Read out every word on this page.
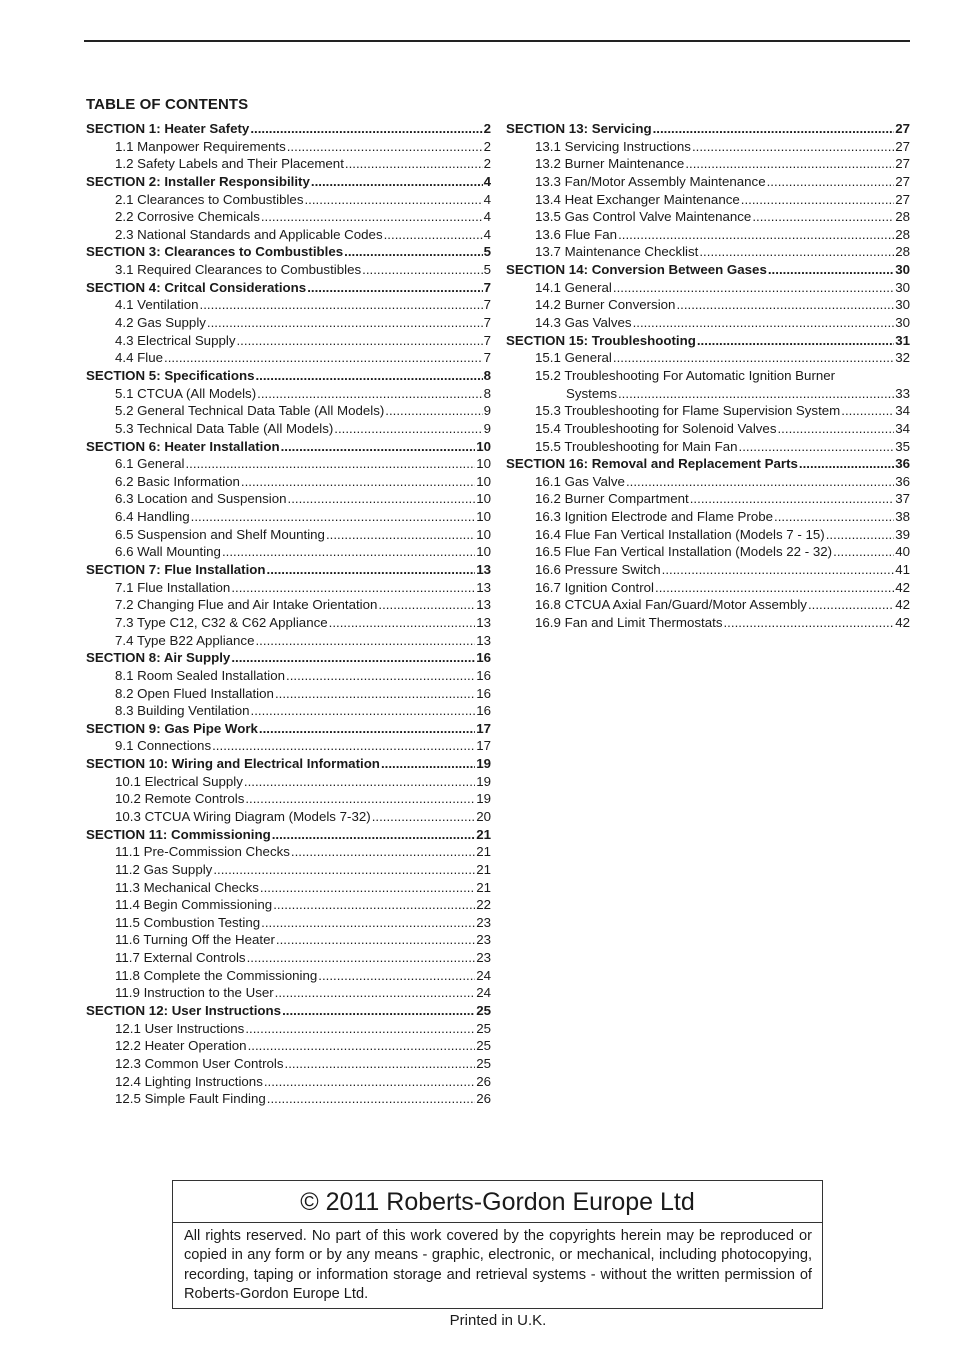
TABLE OF CONTENTS
SECTION 1: Heater Safety .....	2
1.1 Manpower Requirements .....	2
1.2 Safety Labels and Their Placement .....	2
SECTION 2: Installer Responsibility .....	4
2.1 Clearances to Combustibles .....	4
2.2 Corrosive Chemicals .....	4
2.3 National Standards and Applicable Codes .....	4
SECTION 3: Clearances to Combustibles .....	5
3.1 Required Clearances to Combustibles .....	5
SECTION 4: Critcal Considerations .....	7
4.1 Ventilation .....	7
4.2 Gas Supply .....	7
4.3 Electrical Supply .....	7
4.4 Flue .....	7
SECTION 5: Specifications .....	8
5.1 CTCUA (All Models) .....	8
5.2 General Technical Data Table (All Models) .....	9
5.3 Technical Data Table (All Models) .....	9
SECTION 6: Heater Installation .....	10
6.1 General .....	10
6.2 Basic Information .....	10
6.3 Location and Suspension .....	10
6.4 Handling .....	10
6.5 Suspension and Shelf Mounting .....	10
6.6 Wall Mounting .....	10
SECTION 7: Flue Installation .....	13
7.1 Flue Installation .....	13
7.2 Changing Flue and Air Intake Orientation .....	13
7.3 Type C12, C32 & C62 Appliance .....	13
7.4 Type B22 Appliance .....	13
SECTION 8: Air Supply .....	16
8.1 Room Sealed Installation .....	16
8.2 Open Flued Installation .....	16
8.3 Building Ventilation .....	16
SECTION 9: Gas Pipe Work .....	17
9.1 Connections .....	17
SECTION 10: Wiring and Electrical Information .....	19
10.1 Electrical Supply .....	19
10.2 Remote Controls .....	19
10.3 CTCUA Wiring Diagram (Models 7-32) .....	20
SECTION 11: Commissioning .....	21
11.1 Pre-Commission Checks .....	21
11.2 Gas Supply .....	21
11.3 Mechanical Checks .....	21
11.4 Begin Commissioning .....	22
11.5 Combustion Testing .....	23
11.6 Turning Off the Heater .....	23
11.7 External Controls .....	23
11.8 Complete the Commissioning .....	24
11.9 Instruction to the User .....	24
SECTION 12: User Instructions .....	25
12.1 User Instructions .....	25
12.2 Heater Operation .....	25
12.3 Common User Controls .....	25
12.4 Lighting Instructions .....	26
12.5 Simple Fault Finding .....	26
SECTION 13: Servicing .....	27
13.1 Servicing Instructions .....	27
13.2 Burner Maintenance .....	27
13.3 Fan/Motor Assembly Maintenance .....	27
13.4 Heat Exchanger Maintenance .....	27
13.5 Gas Control Valve Maintenance .....	28
13.6 Flue Fan .....	28
13.7 Maintenance Checklist .....	28
SECTION 14: Conversion Between Gases .....	30
14.1 General .....	30
14.2 Burner Conversion .....	30
14.3 Gas Valves .....	30
SECTION 15: Troubleshooting .....	31
15.1 General .....	32
15.2 Troubleshooting For Automatic Ignition Burner
Systems .....	33
15.3 Troubleshooting for Flame Supervision System .....	34
15.4 Troubleshooting for Solenoid Valves .....	34
15.5 Troubleshooting for Main Fan .....	35
SECTION 16: Removal and Replacement Parts .....	36
16.1 Gas Valve .....	36
16.2 Burner Compartment .....	37
16.3 Ignition Electrode and Flame Probe .....	38
16.4 Flue Fan Vertical Installation (Models 7 - 15) .....	39
16.5 Flue Fan Vertical Installation (Models 22 - 32) .....	40
16.6 Pressure Switch .....	41
16.7 Ignition Control .....	42
16.8 CTCUA Axial Fan/Guard/Motor Assembly .....	42
16.9 Fan and Limit Thermostats .....	42
© 2011 Roberts-Gordon Europe Ltd
All rights reserved. No part of this work covered by the copyrights herein may be reproduced or copied in any form or by any means - graphic, electronic, or mechanical, including photocopying, recording, taping or information storage and retrieval systems - without the written permission of Roberts-Gordon Europe Ltd.
Printed in U.K.
